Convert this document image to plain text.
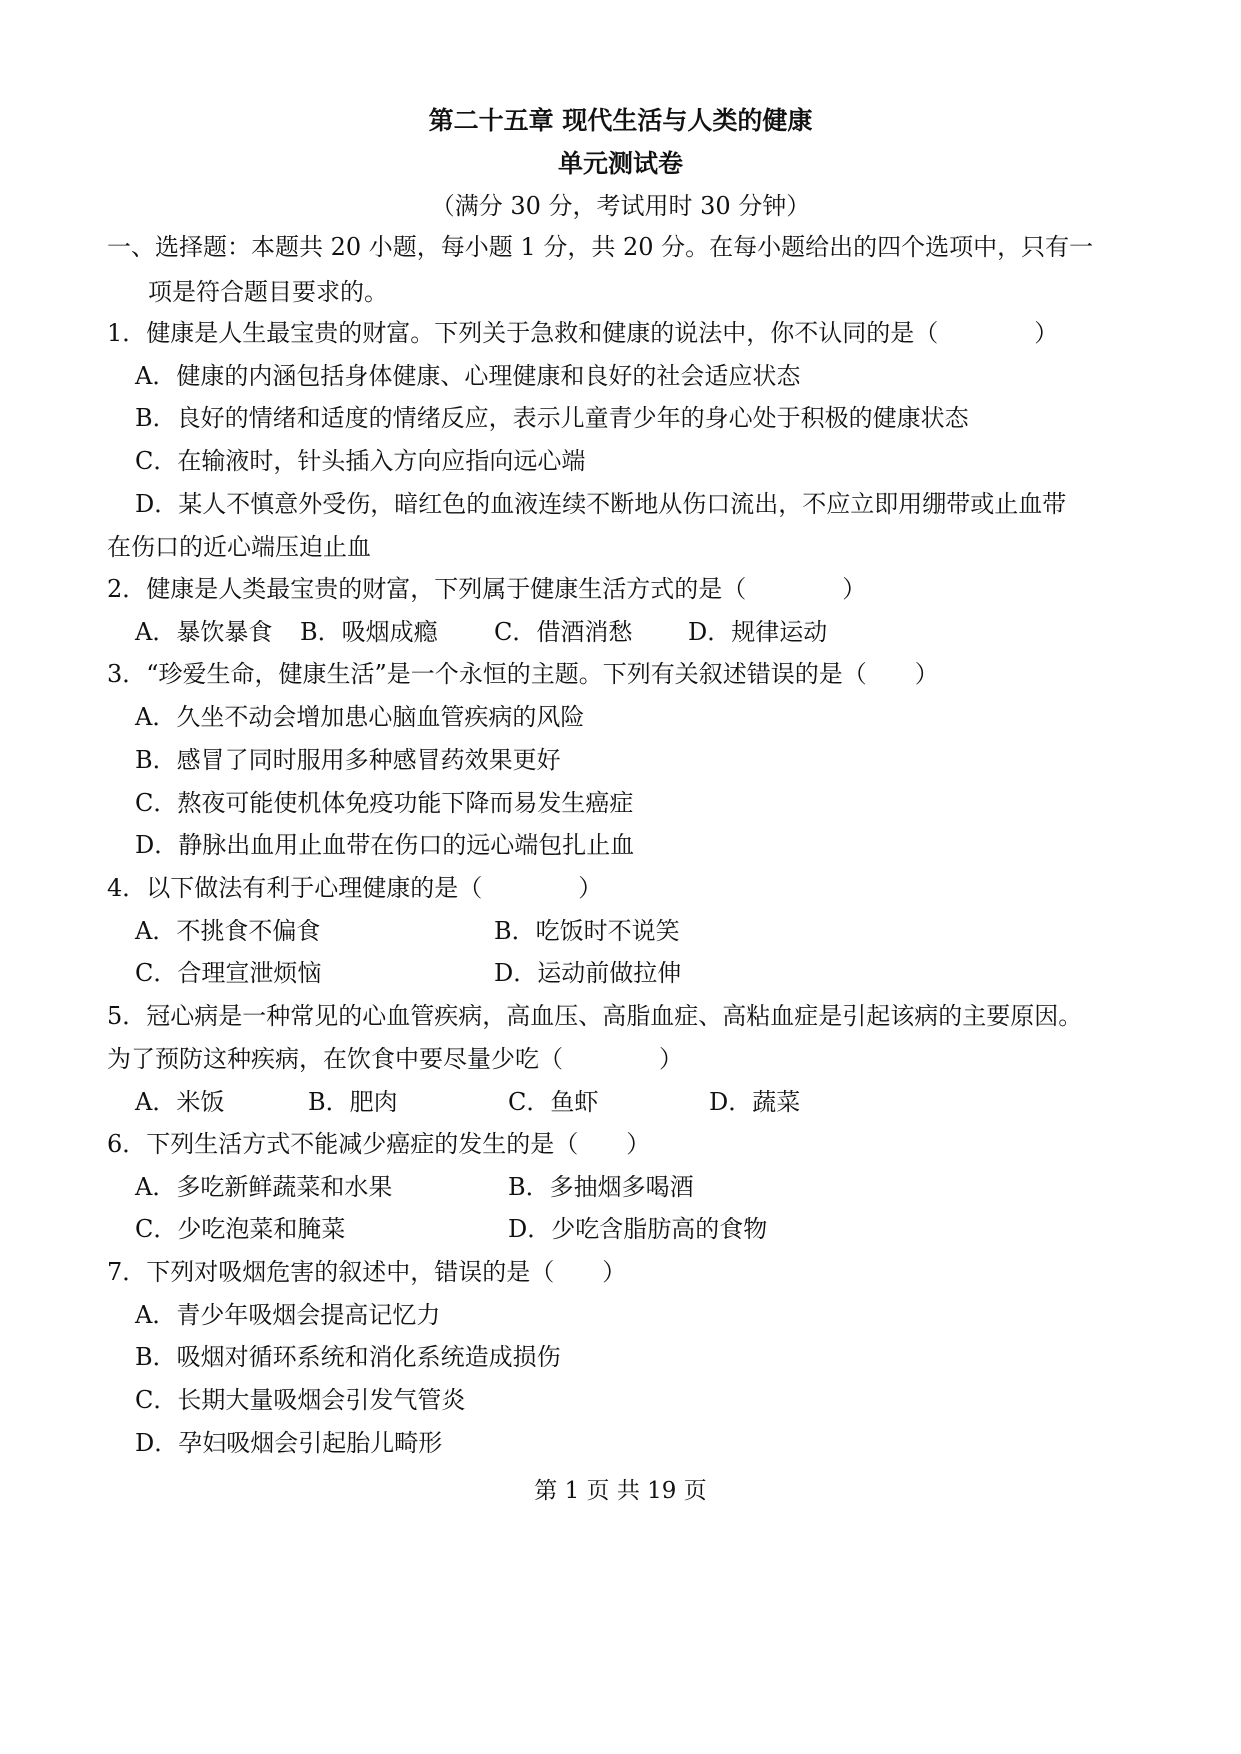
第二十五章 现代生活与人类的健康
单元测试卷
（满分 30 分，考试用时 30 分钟）
一、选择题：本题共 20 小题，每小题 1 分，共 20 分。在每小题给出的四个选项中，只有一
项是符合题目要求的。
1．健康是人生最宝贵的财富。下列关于急救和健康的说法中，你不认同的是（　　　　）
A．健康的内涵包括身体健康、心理健康和良好的社会适应状态
B．良好的情绪和适度的情绪反应，表示儿童青少年的身心处于积极的健康状态
C．在输液时，针头插入方向应指向远心端
D．某人不慎意外受伤，暗红色的血液连续不断地从伤口流出，不应立即用绷带或止血带
在伤口的近心端压迫止血
2．健康是人类最宝贵的财富，下列属于健康生活方式的是（　　　　）
A．暴饮暴食 B．吸烟成瘾 C．借酒消愁 D．规律运动
3．“珍爱生命，健康生活”是一个永恒的主题。下列有关叙述错误的是（　　）
A．久坐不动会增加患心脑血管疾病的风险
B．感冒了同时服用多种感冒药效果更好
C．熬夜可能使机体免疫功能下降而易发生癌症
D．静脉出血用止血带在伤口的远心端包扎止血
4．以下做法有利于心理健康的是（　　　　）
A．不挑食不偏食	B．吃饭时不说笑
C．合理宣泄烦恼	D．运动前做拉伸
5．冠心病是一种常见的心血管疾病，高血压、高脂血症、高粘血症是引起该病的主要原因。
为了预防这种疾病，在饮食中要尽量少吃（　　　　）
A．米饭	B．肥肉	C．鱼虾	D．蔬菜
6．下列生活方式不能减少癌症的发生的是（　　）
A．多吃新鲜蔬菜和水果	B．多抽烟多喝酒
C．少吃泡菜和腌菜	D．少吃含脂肪高的食物
7．下列对吸烟危害的叙述中，错误的是（　　）
A．青少年吸烟会提高记忆力
B．吸烟对循环系统和消化系统造成损伤
C．长期大量吸烟会引发气管炎
D．孕妇吸烟会引起胎儿畸形
第 1 页 共 19 页
